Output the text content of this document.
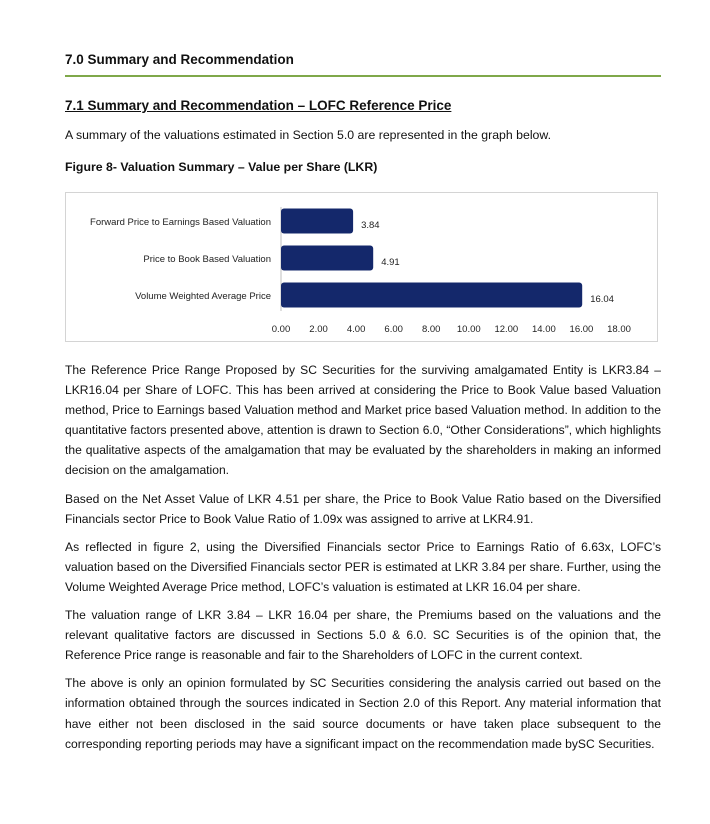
7.0 Summary and Recommendation
7.1 Summary and Recommendation – LOFC Reference Price

A summary of the valuations estimated in Section 5.0 are represented in the graph below.

Figure 8- Valuation Summary – Value per Share (LKR)

Forward Price to Earnings Based Valuation	3.84
Price to Book Based Valuation	4.91
Volume Weighted Average Price	16.04
0.00 2.00 4.00 6.00 8.00 10.00 12.00 14.00 16.00 18.00

The Reference Price Range Proposed by SC Securities for the surviving amalgamated Entity is LKR3.84 – LKR16.04 per Share of LOFC. This has been arrived at considering the Price to Book Value based Valuation method, Price to Earnings based Valuation method and Market price based Valuation method. In addition to the quantitative factors presented above, attention is drawn to Section 6.0, “Other Considerations”, which highlights the qualitative aspects of the amalgamation that may be evaluated by the shareholders in making an informed decision on the amalgamation.

Based on the Net Asset Value of LKR 4.51 per share, the Price to Book Value Ratio based on the Diversified Financials sector Price to Book Value Ratio of 1.09x was assigned to arrive at LKR4.91.

As reflected in figure 2, using the Diversified Financials sector Price to Earnings Ratio of 6.63x, LOFC’s valuation based on the Diversified Financials sector PER is estimated at LKR 3.84 per share. Further, using the Volume Weighted Average Price method, LOFC’s valuation is estimated at LKR 16.04 per share.

The valuation range of LKR 3.84 – LKR 16.04 per share, the Premiums based on the valuations and the relevant qualitative factors are discussed in Sections 5.0 & 6.0. SC Securities is of the opinion that, the Reference Price range is reasonable and fair to the Shareholders of LOFC in the current context.

The above is only an opinion formulated by SC Securities considering the analysis carried out based on the information obtained through the sources indicated in Section 2.0 of this Report. Any material information that have either not been disclosed in the said source documents or have taken place subsequent to the corresponding reporting periods may have a significant impact on the recommendation made bySC Securities.
